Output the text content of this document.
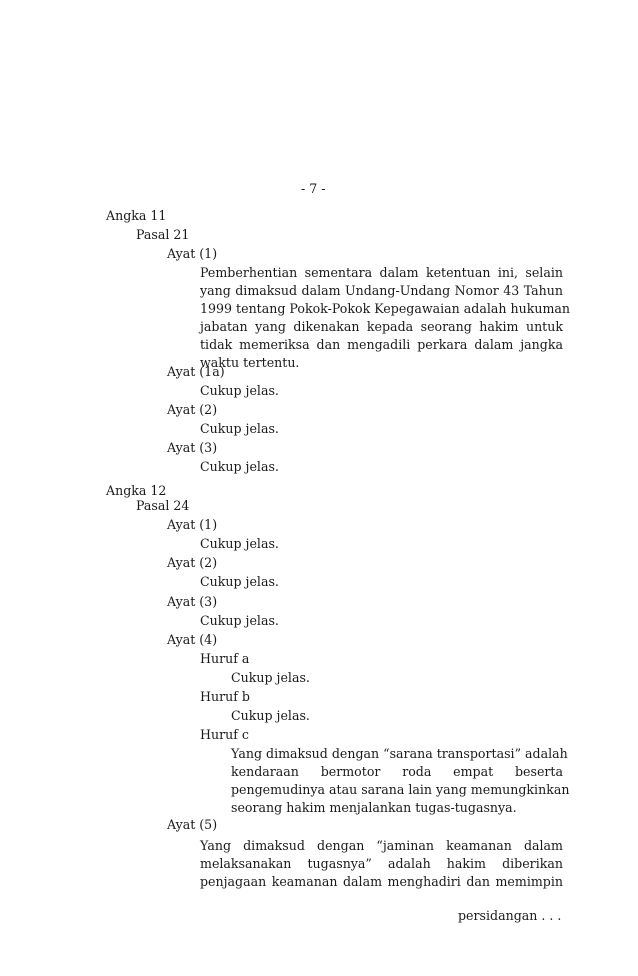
- 7 -
Angka 11
Pasal 21
Ayat (1)
Pemberhentian sementara dalam ketentuan ini, selain
yang dimaksud dalam Undang-Undang Nomor 43 Tahun
1999 tentang Pokok-Pokok Kepegawaian adalah hukuman
jabatan yang dikenakan kepada seorang hakim untuk
tidak memeriksa dan mengadili perkara dalam jangka
waktu tertentu.
Ayat (1a)
Cukup jelas.
Ayat (2)
Cukup jelas.
Ayat (3)
Cukup jelas.
Angka 12
Pasal 24
Ayat (1)
Cukup jelas.
Ayat (2)
Cukup jelas.
Ayat (3)
Cukup jelas.
Ayat (4)
Huruf a
Cukup jelas.
Huruf b
Cukup jelas.
Huruf c
Yang dimaksud dengan “sarana transportasi” adalah
kendaraan bermotor roda empat beserta
pengemudinya atau sarana lain yang memungkinkan
seorang hakim menjalankan tugas-tugasnya.
Ayat (5)
Yang dimaksud dengan “jaminan keamanan dalam
melaksanakan tugasnya” adalah hakim diberikan
penjagaan keamanan dalam menghadiri dan memimpin
persidangan . . .
